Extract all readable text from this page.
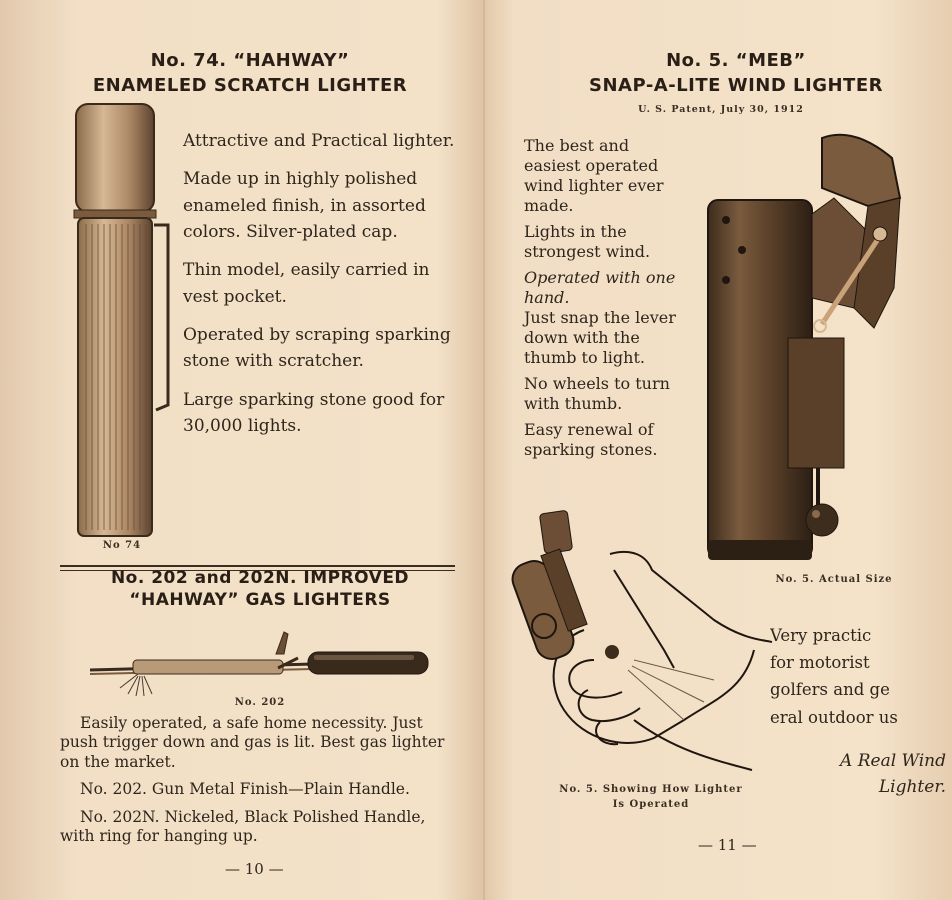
No. 74. “HAHWAY”
ENAMELED SCRATCH LIGHTER
No 74

Attractive and Practical lighter.

Made up in highly polished enameled finish, in assorted colors. Silver-plated cap.

Thin model, easily carried in vest pocket.

Operated by scraping sparking stone with scratcher.

Large sparking stone good for 30,000 lights.

No. 202 and 202N. IMPROVED
“HAHWAY” GAS LIGHTERS
No. 202

Easily operated, a safe home necessity. Just push trigger down and gas is lit. Best gas lighter on the market.

No. 202. Gun Metal Finish—Plain Handle.

No. 202N. Nickeled, Black Polished Handle, with ring for hanging up.

— 10 —
No. 5. “MEB”
SNAP-A-LITE WIND LIGHTER
U. S. Patent, July 30, 1912

The best and easiest operated wind lighter ever made.

Lights in the strongest wind.

Operated with one hand.

Just snap the lever down with the thumb to light.

No wheels to turn with thumb.

Easy renewal of sparking stones.

No. 5. Actual Size
No. 5. Showing How Lighter
Is Operated
Very practic
for motorist
golfers and ge
eral outdoor us
A Real Wind
Lighter.
— 11 —
